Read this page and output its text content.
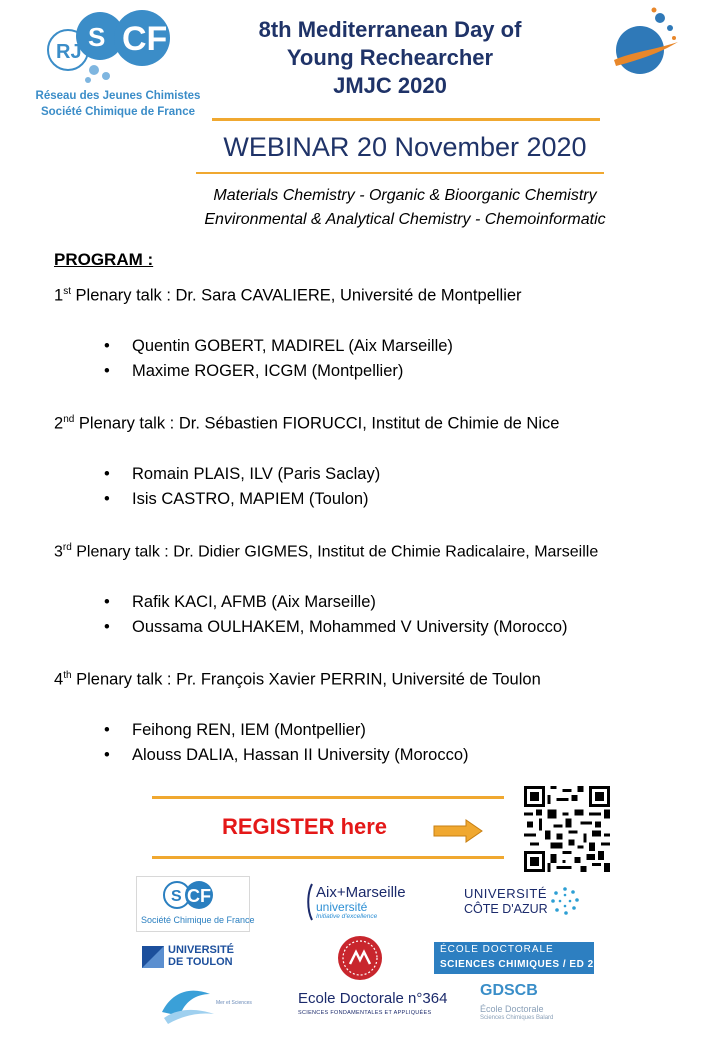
RJ S CF
Réseau des Jeunes Chimistes
Société Chimique de France
8th Mediterranean Day of
Young Rechearcher
JMJC 2020
WEBINAR 20 November 2020
Materials Chemistry - Organic & Bioorganic Chemistry
Environmental & Analytical Chemistry - Chemoinformatic
PROGRAM :
1st Plenary talk : Dr. Sara CAVALIERE, Université de Montpellier
• Quentin GOBERT, MADIREL (Aix Marseille)
• Maxime ROGER, ICGM (Montpellier)
2nd Plenary talk : Dr. Sébastien FIORUCCI, Institut de Chimie de Nice
• Romain PLAIS, ILV (Paris Saclay)
• Isis CASTRO, MAPIEM (Toulon)
3rd Plenary talk : Dr. Didier GIGMES, Institut de Chimie Radicalaire, Marseille
• Rafik KACI, AFMB (Aix Marseille)
• Oussama OULHAKEM, Mohammed V University (Morocco)
4th Plenary talk : Pr. François Xavier PERRIN, Université de Toulon
• Feihong REN, IEM (Montpellier)
• Alouss DALIA, Hassan II University (Morocco)
REGISTER here
S CF
Société Chimique de France
Aix+Marseille
université
Initiative d'excellence
UNIVERSITÉ
CÔTE D'AZUR
UNIVERSITÉ
DE TOULON
ÉCOLE DOCTORALE
SCIENCES CHIMIQUES / ED 250
Mer et Sciences	Ecole Doctorale n°364
SCIENCES FONDAMENTALES ET APPLIQUÉES
GDSCB
École Doctorale
Sciences Chimiques Balard
